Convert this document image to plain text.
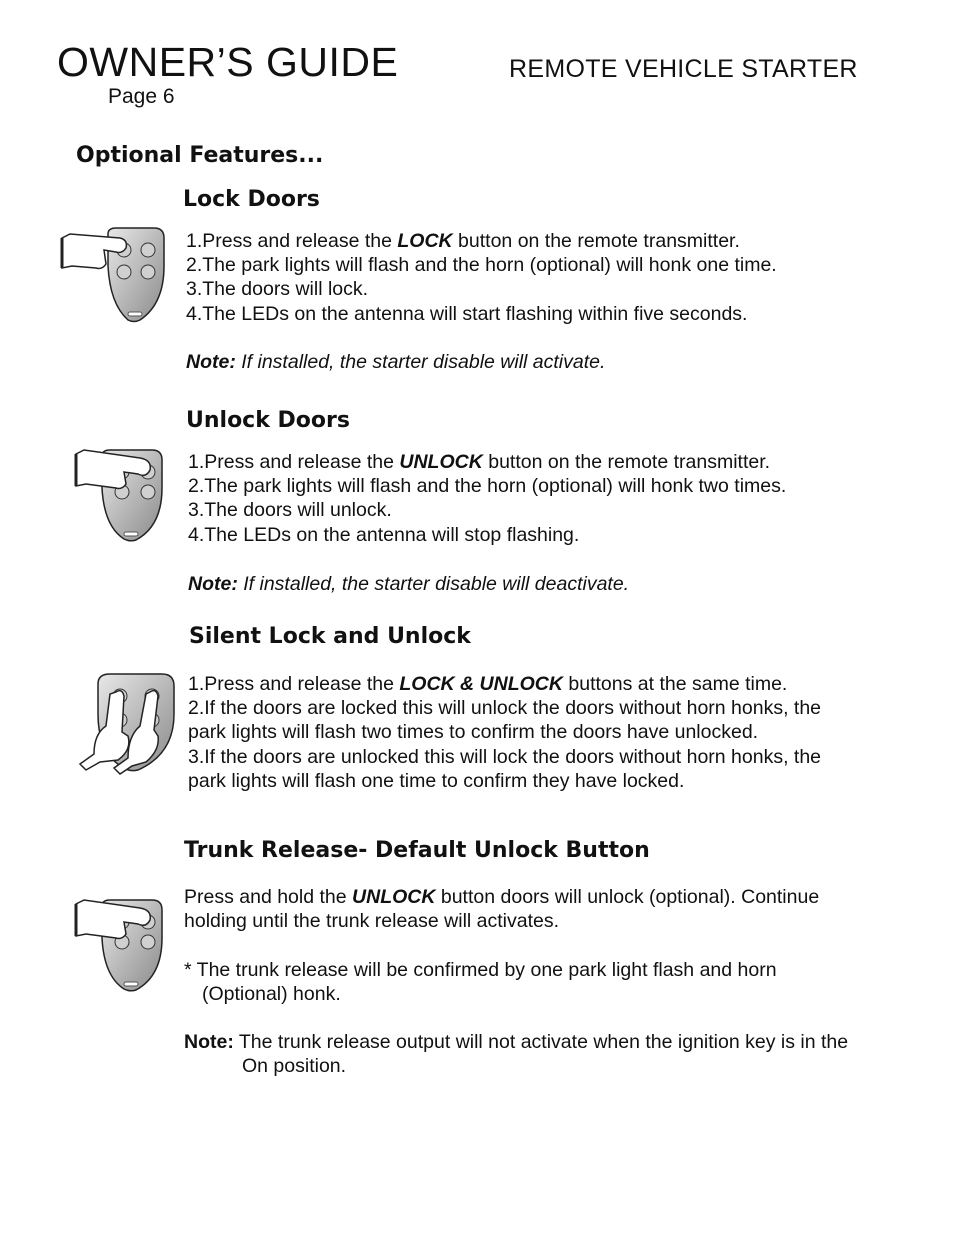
OWNER’S GUIDE	REMOTE VEHICLE STARTER
Page 6
Optional Features...
Lock Doors
1.Press and release the LOCK button on the remote transmitter.
2.The park lights will flash and the horn (optional) will honk one time.
3.The doors will lock.
4.The LEDs on the antenna will start flashing within five seconds.

Note: If installed, the starter disable will activate.

Unlock Doors
1.Press and release the UNLOCK button on the remote transmitter.
2.The park lights will flash and the horn (optional) will honk two times.
3.The doors will unlock.
4.The LEDs on the antenna will stop flashing.

Note: If installed, the starter disable will deactivate.

Silent Lock and Unlock
1.Press and release the LOCK & UNLOCK buttons at the same time.
2.If the doors are locked this will unlock the doors without horn honks, the
park lights will flash two times to confirm the doors have unlocked.
3.If the doors are unlocked this will lock the doors without horn honks, the
park lights will flash one time to confirm they have locked.
Trunk Release- Default Unlock Button

Press and hold the UNLOCK button doors will unlock (optional). Continue

holding until the trunk release will activates.

* The trunk release will be confirmed by one park light flash and horn

(Optional) honk.

Note: The trunk release output will not activate when the ignition key is in the

On position.
